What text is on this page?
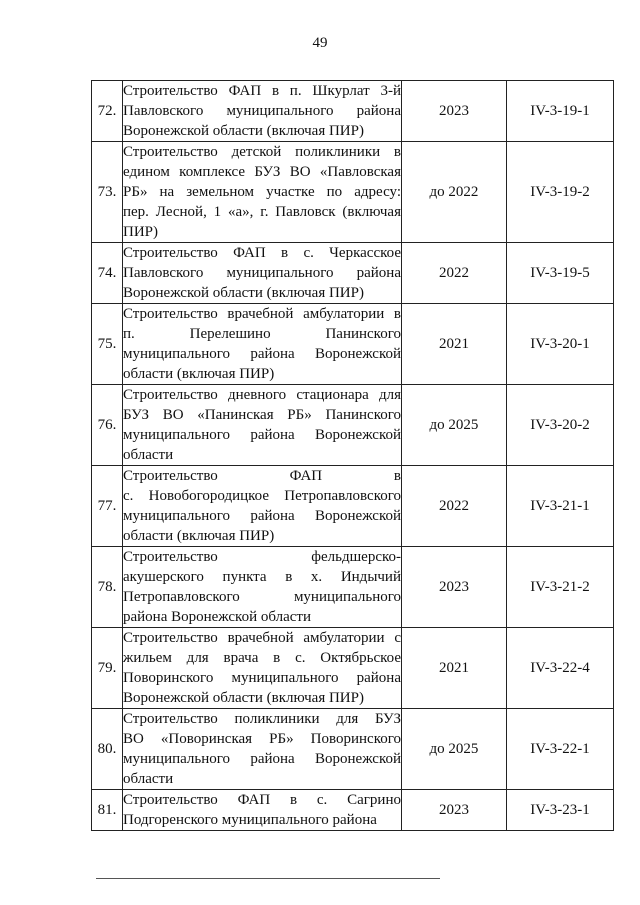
49
72.	Строительство ФАП в п. Шкурлат 3-й
Павловского муниципального района
Воронежской области (включая ПИР)	2023	IV-3-19-1
73.	Строительство детской поликлиники в
едином комплексе БУЗ ВО «Павловская
РБ» на земельном участке по адресу:
пер. Лесной, 1 «а», г. Павловск (включая
ПИР)	до 2022	IV-3-19-2
74.	Строительство ФАП в с. Черкасское
Павловского муниципального района
Воронежской области (включая ПИР)	2022	IV-3-19-5
75.	Строительство врачебной амбулатории в
п. Перелешино Панинского
муниципального района Воронежской
области (включая ПИР)	2021	IV-3-20-1
76.	Строительство дневного стационара для
БУЗ ВО «Панинская РБ» Панинского
муниципального района Воронежской
области	до 2025	IV-3-20-2
77.	Строительство ФАП в
с. Новобогородицкое Петропавловского
муниципального района Воронежской
области (включая ПИР)	2022	IV-3-21-1
78.	Строительство фельдшерско-
акушерского пункта в х. Индычий
Петропавловского муниципального
района Воронежской области	2023	IV-3-21-2
79.	Строительство врачебной амбулатории с
жильем для врача в с. Октябрьское
Поворинского муниципального района
Воронежской области (включая ПИР)	2021	IV-3-22-4
80.	Строительство поликлиники для БУЗ
ВО «Поворинская РБ» Поворинского
муниципального района Воронежской
области	до 2025	IV-3-22-1
81.	Строительство ФАП в с. Сагрино
Подгоренского муниципального района	2023	IV-3-23-1
